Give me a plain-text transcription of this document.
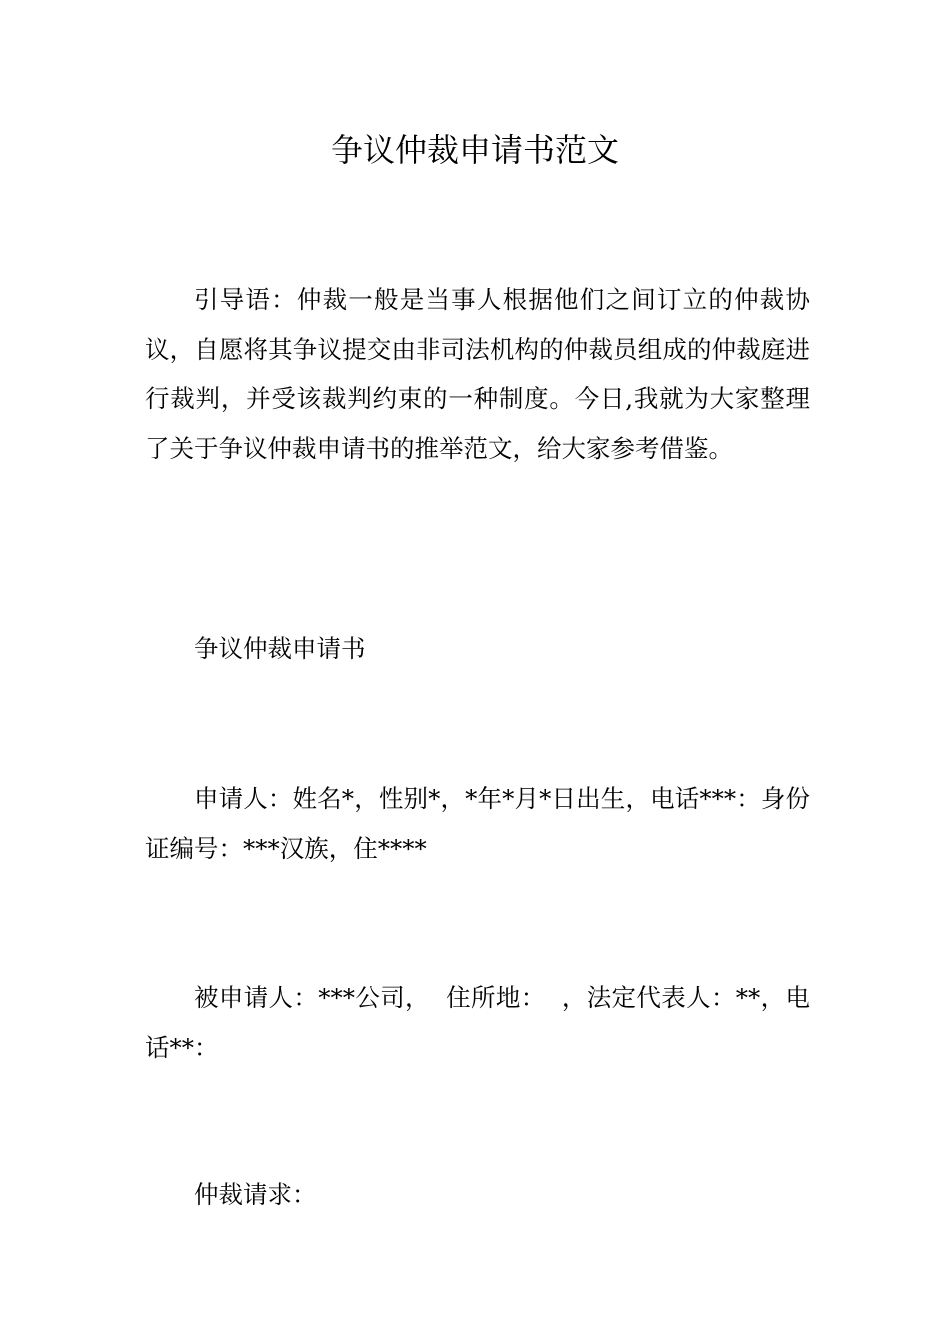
争议仲裁申请书范文

引导语：仲裁一般是当事人根据他们之间订立的仲裁协议，自愿将其争议提交由非司法机构的仲裁员组成的仲裁庭进行裁判，并受该裁判约束的一种制度。今日,我就为大家整理了关于争议仲裁申请书的推举范文，给大家参考借鉴。

争议仲裁申请书

申请人：姓名*，性别*，*年*月*日出生，电话***：身份证编号：***汉族，住****

被申请人：***公司，  住所地：  ，法定代表人：**，电话**：

仲裁请求：
